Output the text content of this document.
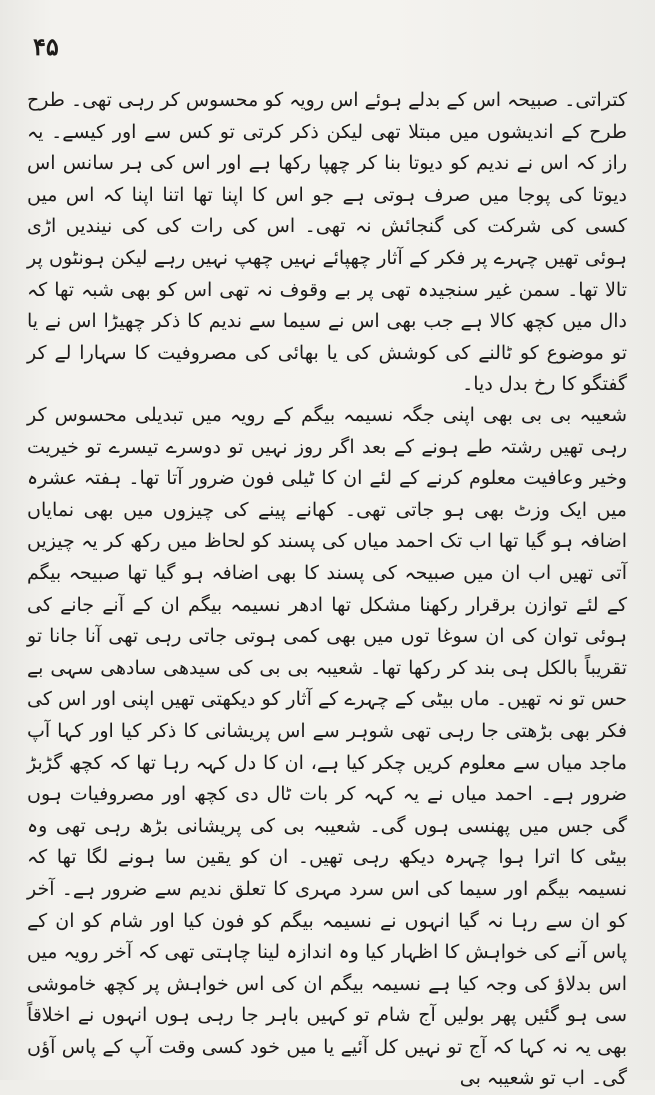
۴۵

کتراتی۔ صبیحہ اس کے بدلے ہوئے اس رویہ کو محسوس کر رہی تھی۔ طرح طرح کے اندیشوں میں مبتلا تھی لیکن ذکر کرتی تو کس سے اور کیسے۔ یہ راز کہ اس نے ندیم کو دیوتا بنا کر چھپا رکھا ہے اور اس کی ہر سانس اس دیوتا کی پوجا میں صرف ہوتی ہے جو اس کا اپنا تھا اتنا اپنا کہ اس میں کسی کی شرکت کی گنجائش نہ تھی۔ اس کی رات کی کی نیندیں اڑی ہوئی تھیں چہرے پر فکر کے آثار چھپائے نہیں چھپ نہیں رہے لیکن ہونٹوں پر تالا تھا۔ سمن غیر سنجیدہ تھی پر بے وقوف نہ تھی اس کو بھی شبہ تھا کہ دال میں کچھ کالا ہے جب بھی اس نے سیما سے ندیم کا ذکر چھیڑا اس نے یا تو موضوع کو ٹالنے کی کوشش کی یا بھائی کی مصروفیت کا سہارا لے کر گفتگو کا رخ بدل دیا۔

شعیبہ بی بی بھی اپنی جگہ نسیمہ بیگم کے رویہ میں تبدیلی محسوس کر رہی تھیں رشتہ طے ہونے کے بعد اگر روز نہیں تو دوسرے تیسرے تو خیریت وخیر وعافیت معلوم کرنے کے لئے ان کا ٹیلی فون ضرور آتا تھا۔ ہفتہ عشرہ میں ایک وزٹ بھی ہو جاتی تھی۔ کھانے پینے کی چیزوں میں بھی نمایاں اضافہ ہو گیا تھا اب تک احمد میاں کی پسند کو لحاظ میں رکھ کر یہ چیزیں آتی تھیں اب ان میں صبیحہ کی پسند کا بھی اضافہ ہو گیا تھا صبیحہ بیگم کے لئے توازن برقرار رکھنا مشکل تھا ادھر نسیمہ بیگم ان کے آنے جانے کی ہوئی توان کی ان سوغا توں میں بھی کمی ہوتی جاتی رہی تھی آنا جانا تو تقریباً بالکل ہی بند کر رکھا تھا۔ شعیبہ بی بی کی سیدھی سادھی سہی بے حس تو نہ تھیں۔ ماں بیٹی کے چہرے کے آثار کو دیکھتی تھیں اپنی اور اس کی فکر بھی بڑھتی جا رہی تھی شوہر سے اس پریشانی کا ذکر کیا اور کہا آپ ماجد میاں سے معلوم کریں چکر کیا ہے، ان کا دل کہہ رہا تھا کہ کچھ گڑبڑ ضرور ہے۔ احمد میاں نے یہ کہہ کر بات ٹال دی کچھ اور مصروفیات ہوں گی جس میں پھنسی ہوں گی۔ شعیبہ بی کی پریشانی بڑھ رہی تھی وہ بیٹی کا اترا ہوا چہرہ دیکھ رہی تھیں۔ ان کو یقین سا ہونے لگا تھا کہ نسیمہ بیگم اور سیما کی اس سرد مہری کا تعلق ندیم سے ضرور ہے۔ آخر کو ان سے رہا نہ گیا انہوں نے نسیمہ بیگم کو فون کیا اور شام کو ان کے پاس آنے کی خواہش کا اظہار کیا وہ اندازہ لینا چاہتی تھی کہ آخر رویہ میں اس بدلاؤ کی وجہ کیا ہے نسیمہ بیگم ان کی اس خواہش پر کچھ خاموشی سی ہو گئیں پھر بولیں آج شام تو کہیں باہر جا رہی ہوں انہوں نے اخلاقاً بھی یہ نہ کہا کہ آج تو نہیں کل آئیے یا میں خود کسی وقت آپ کے پاس آؤں گی۔ اب تو شعیبہ بی
